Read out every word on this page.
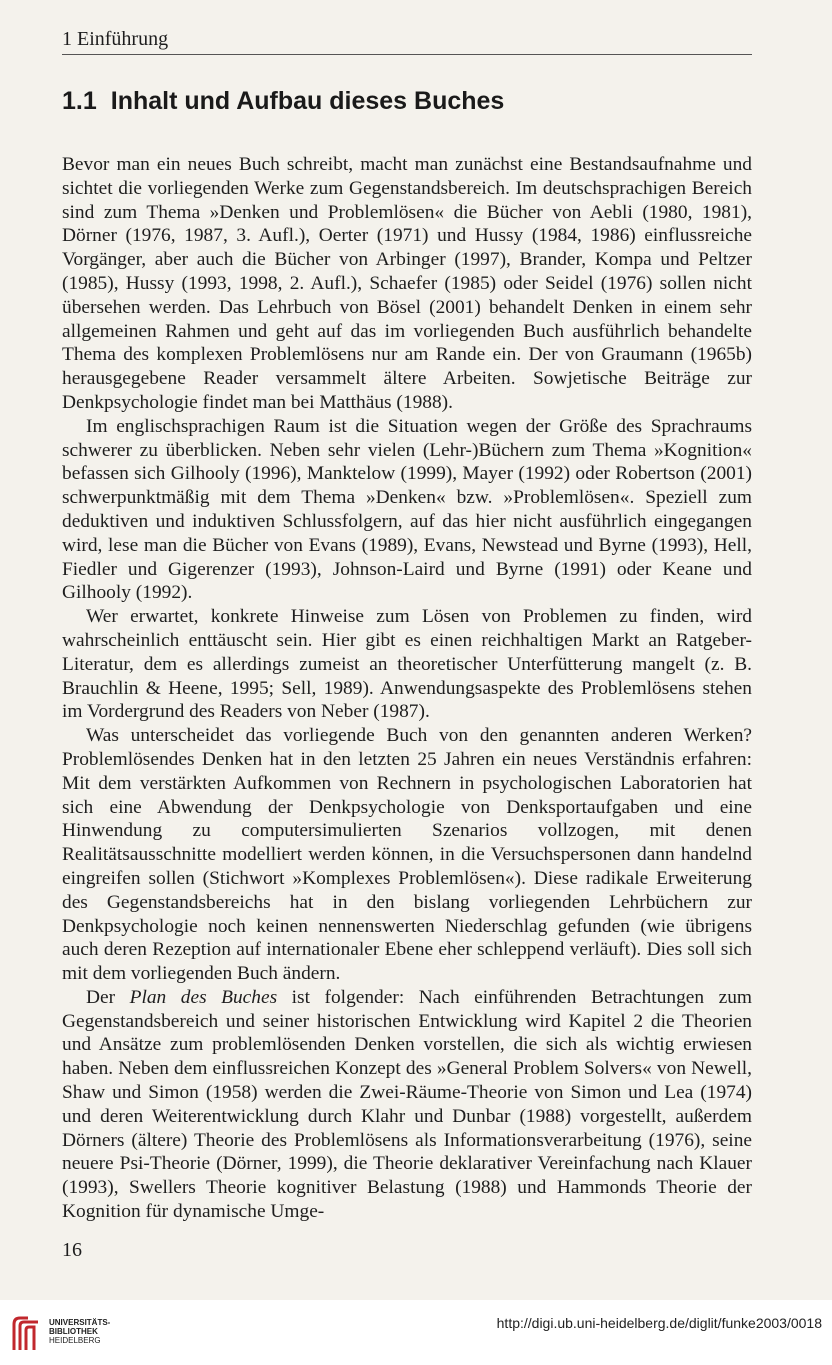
1 Einführung
1.1 Inhalt und Aufbau dieses Buches

Bevor man ein neues Buch schreibt, macht man zunächst eine Bestandsaufnahme und sichtet die vorliegenden Werke zum Gegenstandsbereich. Im deutschsprachigen Bereich sind zum Thema »Denken und Problemlösen« die Bücher von Aebli (1980, 1981), Dörner (1976, 1987, 3. Aufl.), Oerter (1971) und Hussy (1984, 1986) einflussreiche Vorgänger, aber auch die Bücher von Arbinger (1997), Brander, Kompa und Peltzer (1985), Hussy (1993, 1998, 2. Aufl.), Schaefer (1985) oder Seidel (1976) sollen nicht übersehen werden. Das Lehrbuch von Bösel (2001) behandelt Denken in einem sehr allgemeinen Rahmen und geht auf das im vorliegenden Buch ausführlich behandelte Thema des komplexen Problemlösens nur am Rande ein. Der von Graumann (1965b) herausgegebene Reader versammelt ältere Arbeiten. Sowjetische Beiträge zur Denkpsychologie findet man bei Matthäus (1988).

Im englischsprachigen Raum ist die Situation wegen der Größe des Sprachraums schwerer zu überblicken. Neben sehr vielen (Lehr-)Büchern zum Thema »Kognition« befassen sich Gilhooly (1996), Manktelow (1999), Mayer (1992) oder Robertson (2001) schwerpunktmäßig mit dem Thema »Denken« bzw. »Problemlösen«. Speziell zum deduktiven und induktiven Schlussfolgern, auf das hier nicht ausführlich eingegangen wird, lese man die Bücher von Evans (1989), Evans, Newstead und Byrne (1993), Hell, Fiedler und Gigerenzer (1993), Johnson-Laird und Byrne (1991) oder Keane und Gilhooly (1992).

Wer erwartet, konkrete Hinweise zum Lösen von Problemen zu finden, wird wahrscheinlich enttäuscht sein. Hier gibt es einen reichhaltigen Markt an Ratgeber-Literatur, dem es allerdings zumeist an theoretischer Unterfütterung mangelt (z. B. Brauchlin & Heene, 1995; Sell, 1989). Anwendungsaspekte des Problemlösens stehen im Vordergrund des Readers von Neber (1987).

Was unterscheidet das vorliegende Buch von den genannten anderen Werken? Problemlösendes Denken hat in den letzten 25 Jahren ein neues Verständnis erfahren: Mit dem verstärkten Aufkommen von Rechnern in psychologischen Laboratorien hat sich eine Abwendung der Denkpsychologie von Denksportaufgaben und eine Hinwendung zu computersimulierten Szenarios vollzogen, mit denen Realitätsausschnitte modelliert werden können, in die Versuchspersonen dann handelnd eingreifen sollen (Stichwort »Komplexes Problemlösen«). Diese radikale Erweiterung des Gegenstandsbereichs hat in den bislang vorliegenden Lehrbüchern zur Denkpsychologie noch keinen nennenswerten Niederschlag gefunden (wie übrigens auch deren Rezeption auf internationaler Ebene eher schleppend verläuft). Dies soll sich mit dem vorliegenden Buch ändern.

Der Plan des Buches ist folgender: Nach einführenden Betrachtungen zum Gegenstandsbereich und seiner historischen Entwicklung wird Kapitel 2 die Theorien und Ansätze zum problemlösenden Denken vorstellen, die sich als wichtig erwiesen haben. Neben dem einflussreichen Konzept des »General Problem Solvers« von Newell, Shaw und Simon (1958) werden die Zwei-Räume-Theorie von Simon und Lea (1974) und deren Weiterentwicklung durch Klahr und Dunbar (1988) vorgestellt, außerdem Dörners (ältere) Theorie des Problemlösens als Informationsverarbeitung (1976), seine neuere Psi-Theorie (Dörner, 1999), die Theorie deklarativer Vereinfachung nach Klauer (1993), Swellers Theorie kognitiver Belastung (1988) und Hammonds Theorie der Kognition für dynamische Umge-

16
UNIVERSITÄTS-
BIBLIOTHEK
HEIDELBERG
http://digi.ub.uni-heidelberg.de/diglit/funke2003/0018
